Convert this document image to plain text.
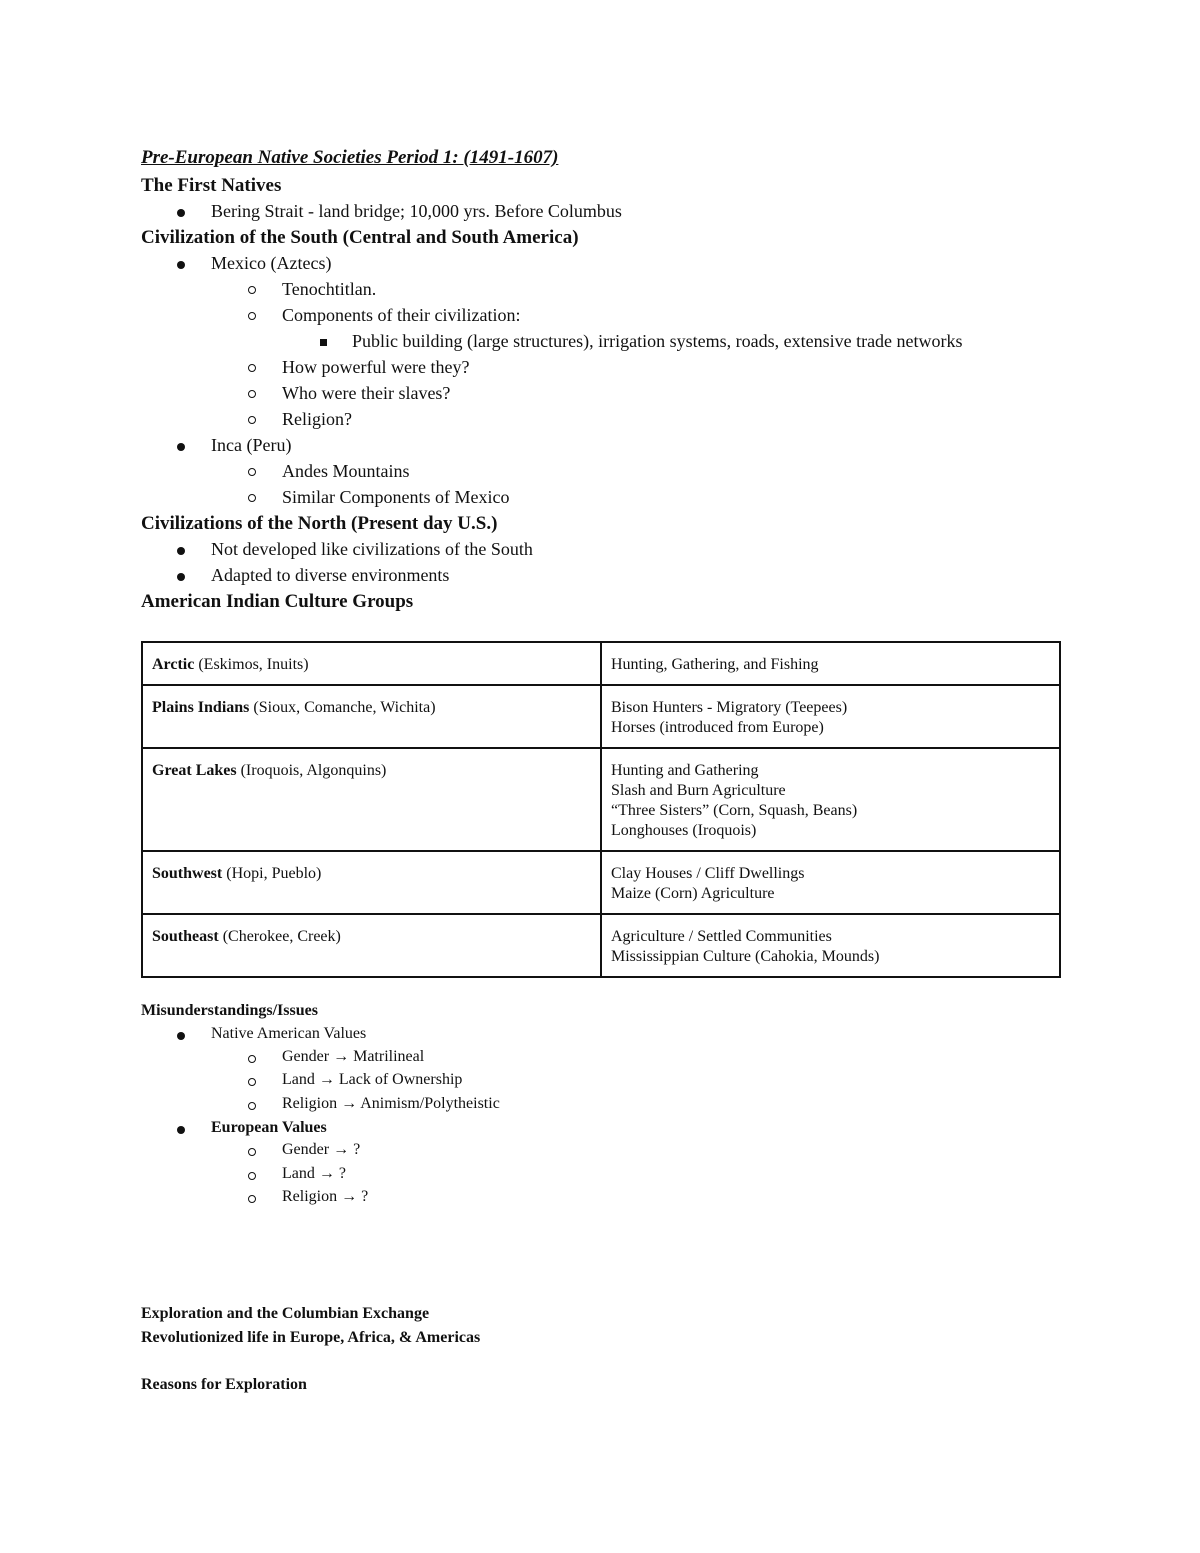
Pre-European Native Societies Period 1: (1491-1607)
The First Natives
Bering Strait - land bridge; 10,000 yrs. Before Columbus
Civilization of the South (Central and South America)
Mexico (Aztecs)
Tenochtitlan.
Components of their civilization:
Public building (large structures), irrigation systems, roads, extensive trade networks
How powerful were they?
Who were their slaves?
Religion?
Inca (Peru)
Andes Mountains
Similar Components of Mexico
Civilizations of the North (Present day U.S.)
Not developed like civilizations of the South
Adapted to diverse environments
American Indian Culture Groups
Arctic (Eskimos, Inuits)	Hunting, Gathering, and Fishing

Plains Indians (Sioux, Comanche, Wichita)	Bison Hunters - Migratory (Teepees)
Horses (introduced from Europe)

Great Lakes (Iroquois, Algonquins)	Hunting and Gathering
Slash and Burn Agriculture
“Three Sisters” (Corn, Squash, Beans)
Longhouses (Iroquois)

Southwest (Hopi, Pueblo)	Clay Houses / Cliff Dwellings
Maize (Corn) Agriculture

Southeast (Cherokee, Creek)	Agriculture / Settled Communities
Mississippian Culture (Cahokia, Mounds)
Misunderstandings/Issues
Native American Values
Gender → Matrilineal
Land → Lack of Ownership
Religion → Animism/Polytheistic
European Values
Gender → ?
Land → ?
Religion → ?
Exploration and the Columbian Exchange
Revolutionized life in Europe, Africa, & Americas
Reasons for Exploration
